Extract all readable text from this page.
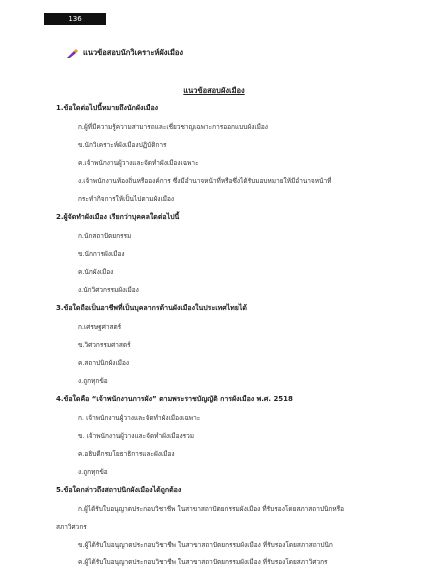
136
แนวข้อสอบนักวิเคราะห์ผังเมือง
แนวข้อสอบผังเมือง
1.ข้อใดต่อไปนี้หมายถึงนักผังเมือง
ก.ผู้ที่มีความรู้ความสามารถและเชี่ยวชาญเฉพาะการออกแบบผังเมือง
ข.นักวิเคราะห์ผังเมืองปฏิบัติการ
ค.เจ้าพนักงานผู้วางและจัดทำผังเมืองเฉพาะ
ง.เจ้าพนักงานท้องถิ่นหรือองค์การ ซึ่งมีอำนาจหน้าที่หรือซึ่งได้รับมอบหมายให้มีอำนาจหน้าที่
กระทำกิจการให้เป็นไปตามผังเมือง
2.ผู้จัดทำผังเมือง เรียกว่าบุคคลใดต่อไปนี้
ก.นักสถาปัตยกรรม
ข.นักการผังเมือง
ค.นักผังเมือง
ง.นักวิศวกรรมผังเมือง
3.ข้อใดถือเป็นอาชีพที่เป็นบุคลากรด้านผังเมืองในประเทศไทยได้
ก.เศรษฐศาสตร์
ข.วิศวกรรมศาสตร์
ค.สถาปนิกผังเมือง
ง.ถูกทุกข้อ
4.ข้อใดคือ “เจ้าพนักงานการผัง” ตามพระราชบัญญัติ การผังเมือง พ.ศ. 2518
ก. เจ้าพนักงานผู้วางและจัดทำผังเมืองเฉพาะ
ข. เจ้าพนักงานผู้วางและจัดทำผังเมืองรวม
ค.อธิบดีกรมโยธาธิการและผังเมือง
ง.ถูกทุกข้อ
5.ข้อใดกล่าวถึงสถาปนิกผังเมืองได้ถูกต้อง
ก.ผู้ได้รับใบอนุญาตประกอบวิชาชีพ ในสาขาสถาปัตยกรรมผังเมือง ที่รับรองโดยสภาสถาปนิกหรือ
สภาวิศวกร
ข.ผู้ได้รับใบอนุญาตประกอบวิชาชีพ ในสาขาสถาปัตยกรรมผังเมือง ที่รับรองโดยสภาสถาปนิก
ค.ผู้ได้รับใบอนุญาตประกอบวิชาชีพ ในสาขาสถาปัตยกรรมผังเมือง ที่รับรองโดยสภาวิศวกร
